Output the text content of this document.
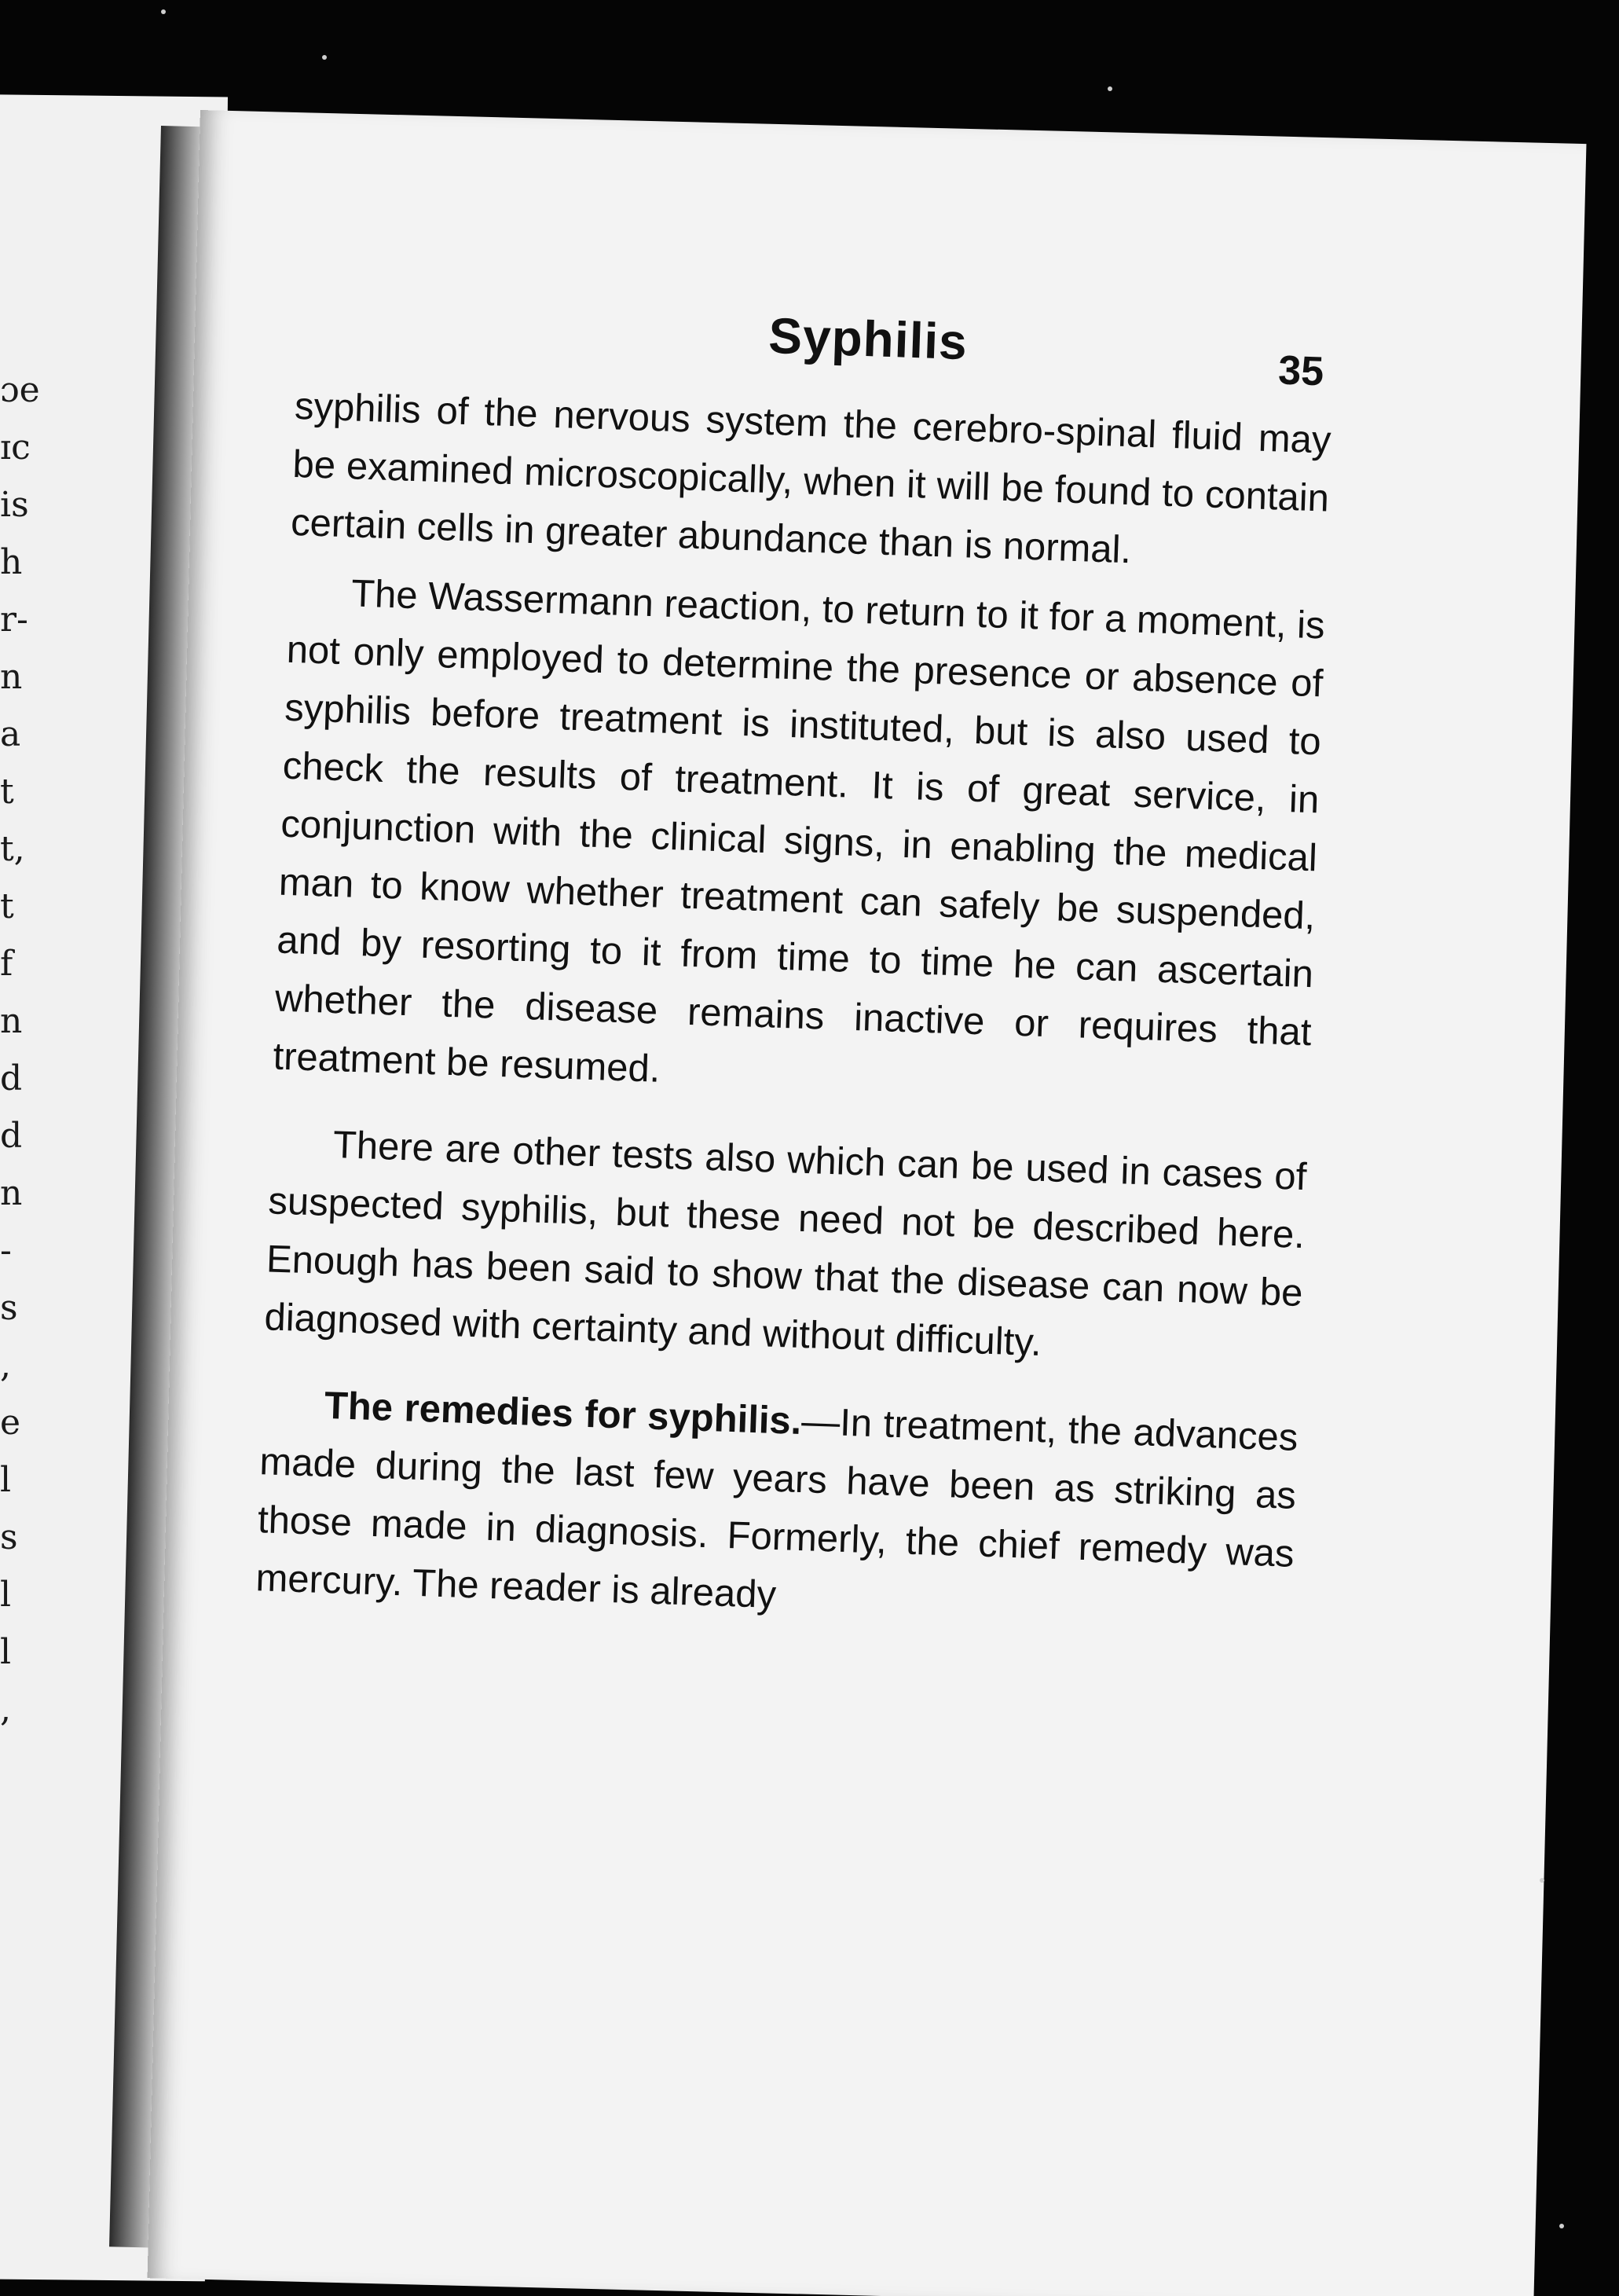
ɔe
ɪc
is
h
r-
n
a
t
t,
t
f
n
d
d
n
-
s
,
e
l
s
l
l
,
Syphilis
35

syphilis of the nervous system the cerebro-spinal fluid may be examined microscopically, when it will be found to contain certain cells in greater abundance than is normal.

The Wassermann reaction, to return to it for a moment, is not only employed to determine the presence or absence of syphilis before treatment is instituted, but is also used to check the results of treatment. It is of great service, in conjunction with the clinical signs, in enabling the medical man to know whether treatment can safely be suspended, and by resorting to it from time to time he can ascertain whether the disease remains inactive or requires that treatment be resumed.

There are other tests also which can be used in cases of suspected syphilis, but these need not be described here. Enough has been said to show that the disease can now be diagnosed with certainty and without difficulty.

The remedies for syphilis.—In treatment, the advances made during the last few years have been as striking as those made in diagnosis. Formerly, the chief remedy was mercury. The reader is already
